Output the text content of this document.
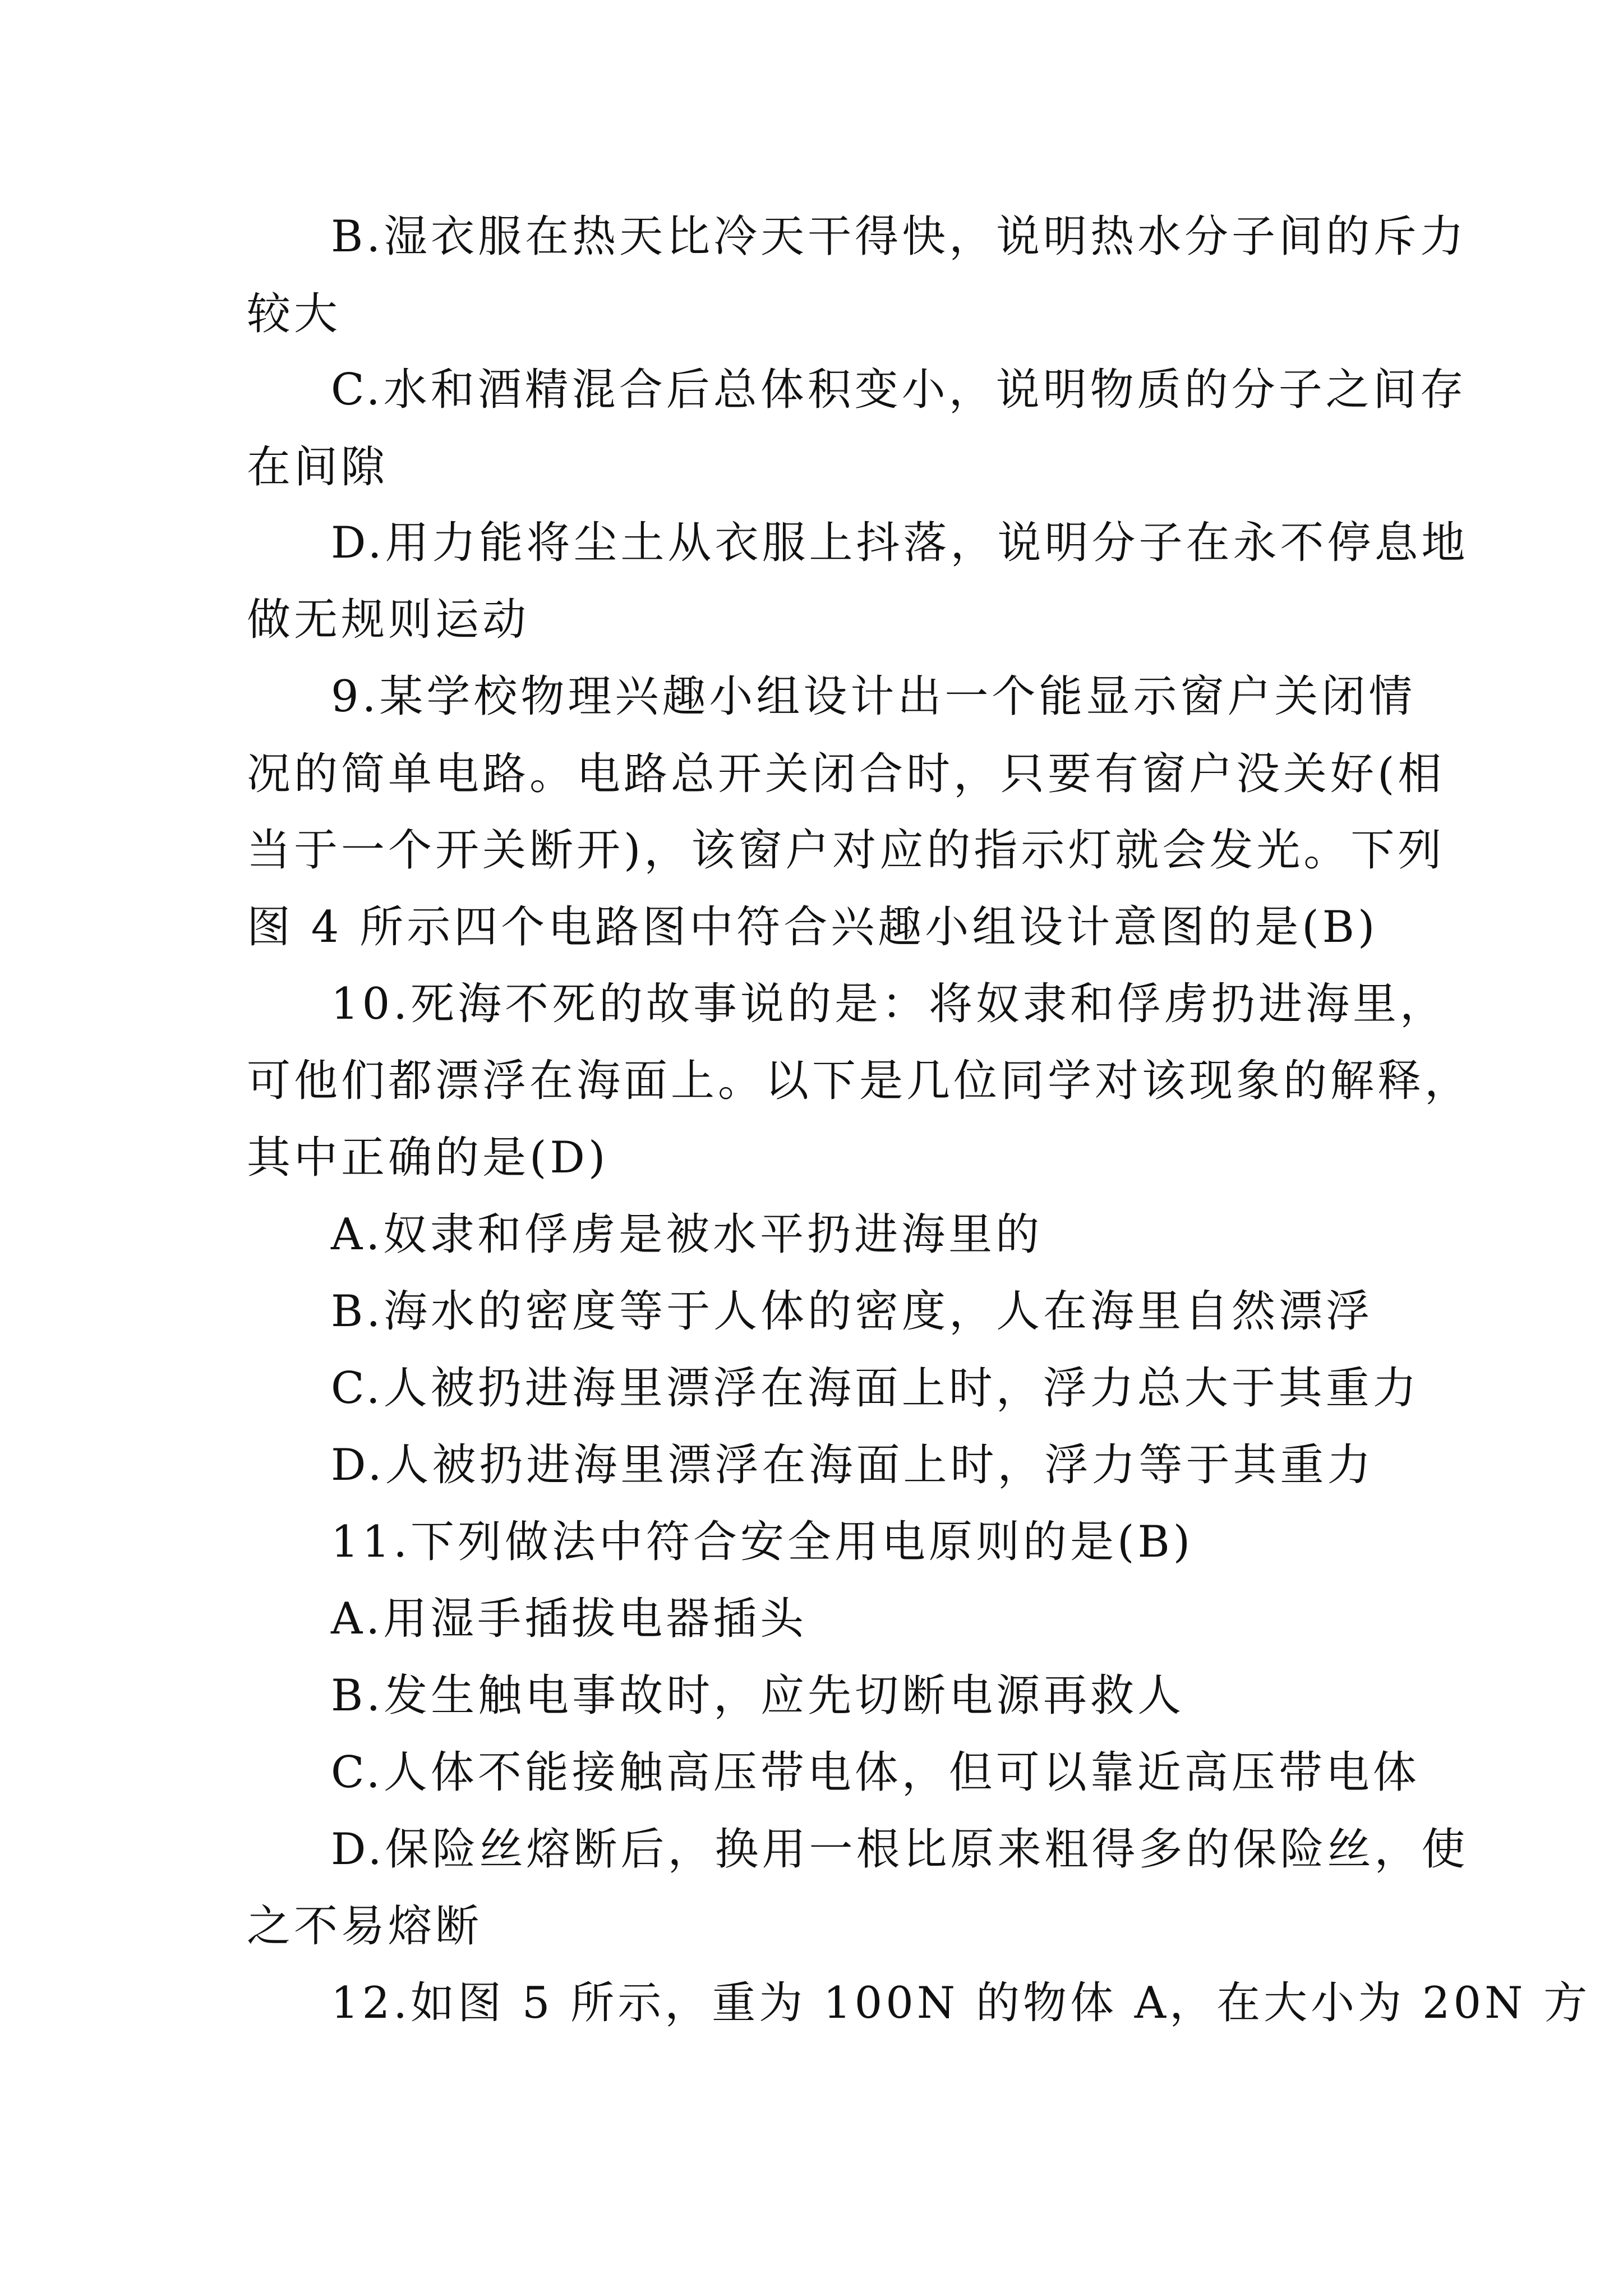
B.湿衣服在热天比冷天干得快，说明热水分子间的斥力
较大
C.水和酒精混合后总体积变小，说明物质的分子之间存
在间隙
D.用力能将尘土从衣服上抖落，说明分子在永不停息地
做无规则运动
9.某学校物理兴趣小组设计出一个能显示窗户关闭情
况的简单电路。电路总开关闭合时，只要有窗户没关好(相
当于一个开关断开)，该窗户对应的指示灯就会发光。下列
图 4 所示四个电路图中符合兴趣小组设计意图的是(B)
10.死海不死的故事说的是：将奴隶和俘虏扔进海里，
可他们都漂浮在海面上。以下是几位同学对该现象的解释，
其中正确的是(D)
A.奴隶和俘虏是被水平扔进海里的
B.海水的密度等于人体的密度，人在海里自然漂浮
C.人被扔进海里漂浮在海面上时，浮力总大于其重力
D.人被扔进海里漂浮在海面上时，浮力等于其重力
11.下列做法中符合安全用电原则的是(B)
A.用湿手插拔电器插头
B.发生触电事故时，应先切断电源再救人
C.人体不能接触高压带电体，但可以靠近高压带电体
D.保险丝熔断后，换用一根比原来粗得多的保险丝，使
之不易熔断
12.如图 5 所示，重为 100N 的物体 A，在大小为 20N 方
